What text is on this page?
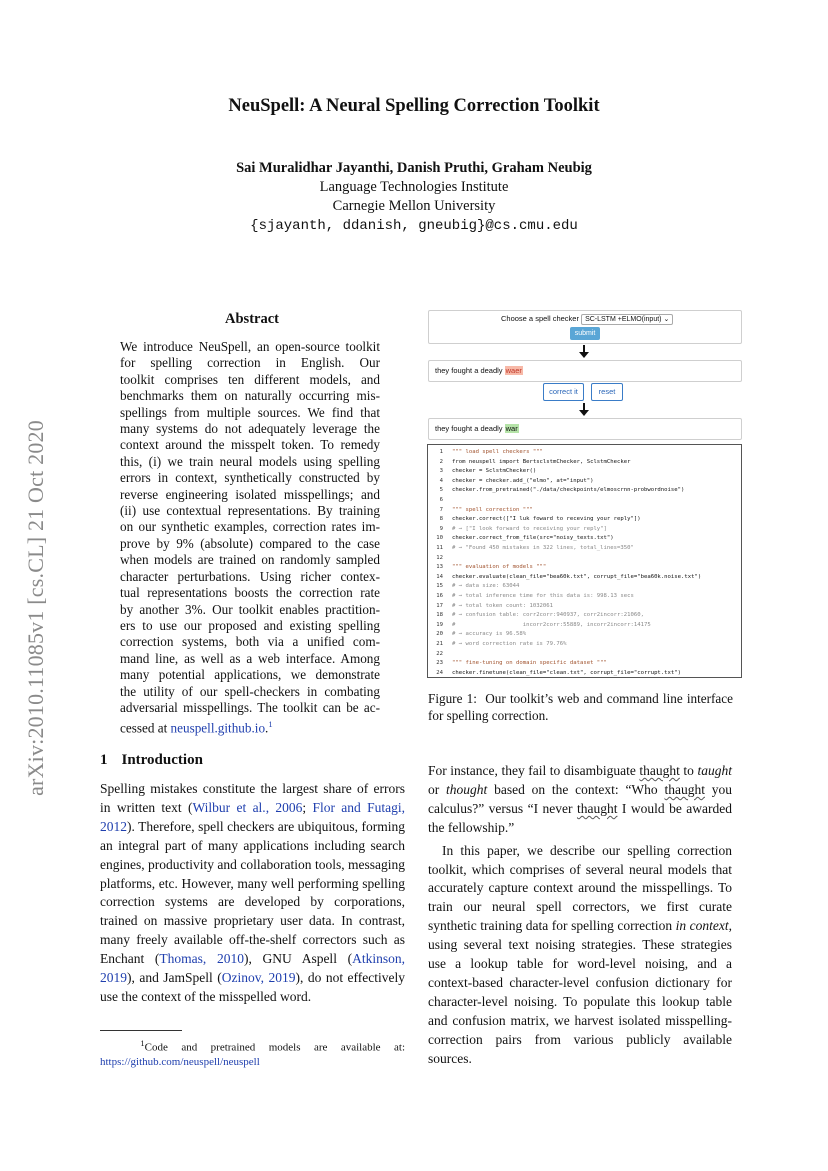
arXiv:2010.11085v1 [cs.CL] 21 Oct 2020
NeuSpell: A Neural Spelling Correction Toolkit
Sai Muralidhar Jayanthi, Danish Pruthi, Graham Neubig
Language Technologies Institute
Carnegie Mellon University
{sjayanth, ddanish, gneubig}@cs.cmu.edu
Abstract
We introduce NeuSpell, an open-source toolkit
for spelling correction in English. Our
toolkit comprises ten different models, and
benchmarks them on naturally occurring mis-
spellings from multiple sources. We find that
many systems do not adequately leverage the
context around the misspelt token. To remedy
this, (i) we train neural models using spelling
errors in context, synthetically constructed by
reverse engineering isolated misspellings; and
(ii) use contextual representations. By training
on our synthetic examples, correction rates im-
prove by 9% (absolute) compared to the case
when models are trained on randomly sampled
character perturbations. Using richer contex-
tual representations boosts the correction rate
by another 3%. Our toolkit enables practition-
ers to use our proposed and existing spelling
correction systems, both via a unified com-
mand line, as well as a web interface. Among
many potential applications, we demonstrate
the utility of our spell-checkers in combating
adversarial misspellings. The toolkit can be ac-
cessed at neuspell.github.io.$^1$
Choose a spell checker SC-LSTM +ELMO(input) ⌄
submit
they fought a deadly waer
correct it	reset
they fought a deadly war
1 """ load spell checkers """
2 from neuspell import BertsclstmChecker, SclstmChecker
3 checker = SclstmChecker()
4 checker = checker.add_("elmo", at="input")
5 checker.from_pretrained("./data/checkpoints/elmoscrnn-probwordnoise")
6
7 """ spell correction """
8 checker.correct(["I luk foward to receving your reply"])
9 # → ["I look forward to receiving your reply"]
10 checker.correct_from_file(src="noisy_texts.txt")
11 # → "Found 450 mistakes in 322 lines, total_lines=350"
12
13 """ evaluation of models """
14 checker.evaluate(clean_file="bea60k.txt", corrupt_file="bea60k.noise.txt")
15 # → data size: 63044
16 # → total inference time for this data is: 998.13 secs
17 # → total token count: 1032061
18 # → confusion table: corr2corr:940937, corr2incorr:21060,
19 #                    incorr2corr:55889, incorr2incorr:14175
20 # → accuracy is 96.58%
21 # → word correction rate is 79.76%
22
23 """ fine-tuning on domain specific dataset """
24 checker.finetune(clean_file="clean.txt", corrupt_file="corrupt.txt")
Figure 1: Our toolkit’s web and command line interface for spelling correction.
1 Introduction
Spelling mistakes constitute the largest share of errors in written text (Wilbur et al., 2006; Flor and Futagi, 2012). Therefore, spell checkers are ubiquitous, forming an integral part of many applications including search engines, productivity and collaboration tools, messaging platforms, etc. However, many well performing spelling correction systems are developed by corporations, trained on massive proprietary user data. In contrast, many freely available off-the-shelf correctors such as Enchant (Thomas, 2010), GNU Aspell (Atkinson, 2019), and JamSpell (Ozinov, 2019), do not effectively use the context of the misspelled word.
$^1$Code and pretrained models are available at: https://github.com/neuspell/neuspell

For instance, they fail to disambiguate thaught to taught or thought based on the context: “Who thaught you calculus?” versus “I never thaught I would be awarded the fellowship.”

In this paper, we describe our spelling correction toolkit, which comprises of several neural models that accurately capture context around the misspellings. To train our neural spell correctors, we first curate synthetic training data for spelling correction in context, using several text noising strategies. These strategies use a lookup table for word-level noising, and a context-based character-level confusion dictionary for character-level noising. To populate this lookup table and confusion matrix, we harvest isolated misspelling-correction pairs from various publicly available sources.
